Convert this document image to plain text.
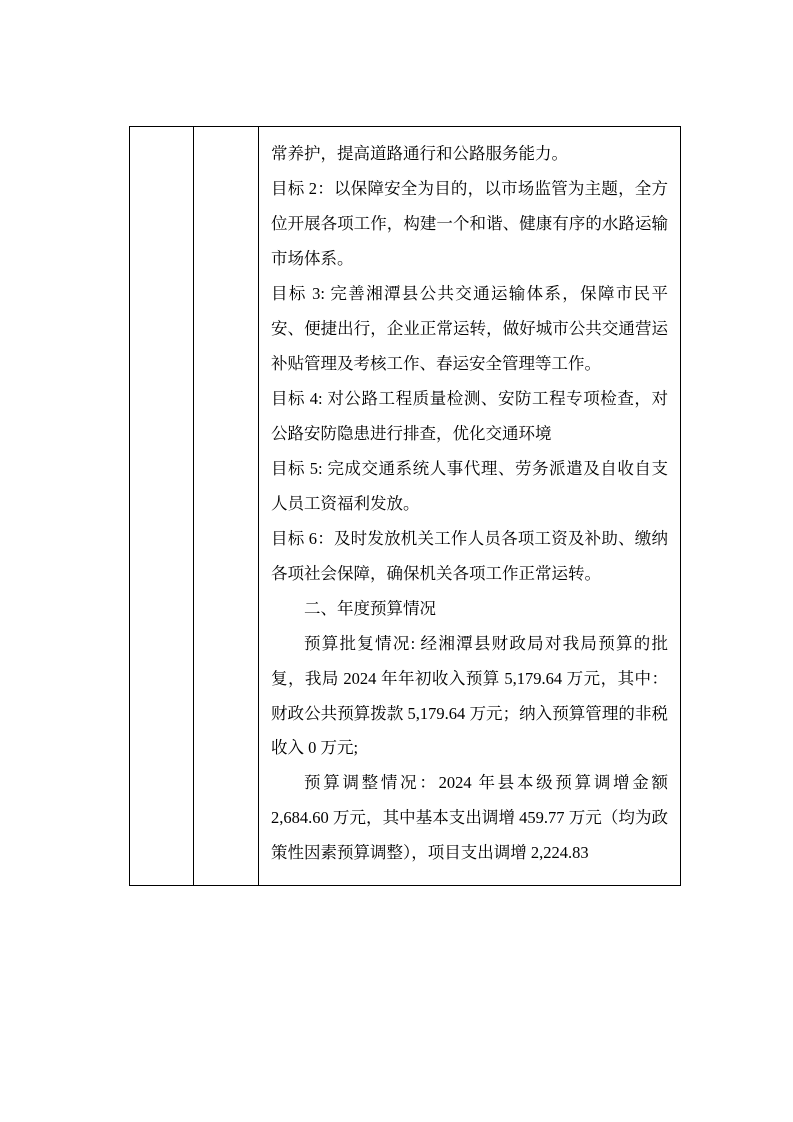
常养护，提高道路通行和公路服务能力。

目标 2：以保障安全为目的，以市场监管为主题，全方位开展各项工作，构建一个和谐、健康有序的水路运输市场体系。

目标 3: 完善湘潭县公共交通运输体系，保障市民平安、便捷出行，企业正常运转，做好城市公共交通营运补贴管理及考核工作、春运安全管理等工作。

目标 4: 对公路工程质量检测、安防工程专项检查，对公路安防隐患进行排查，优化交通环境

目标 5: 完成交通系统人事代理、劳务派遣及自收自支人员工资福利发放。

目标 6：及时发放机关工作人员各项工资及补助、缴纳各项社会保障，确保机关各项工作正常运转。

二、年度预算情况

预算批复情况: 经湘潭县财政局对我局预算的批复，我局 2024 年年初收入预算 5,179.64 万元，其中：财政公共预算拨款 5,179.64 万元；纳入预算管理的非税收入 0 万元;

预算调整情况：2024 年县本级预算调增金额 2,684.60 万元，其中基本支出调增 459.77 万元（均为政策性因素预算调整），项目支出调增 2,224.83
